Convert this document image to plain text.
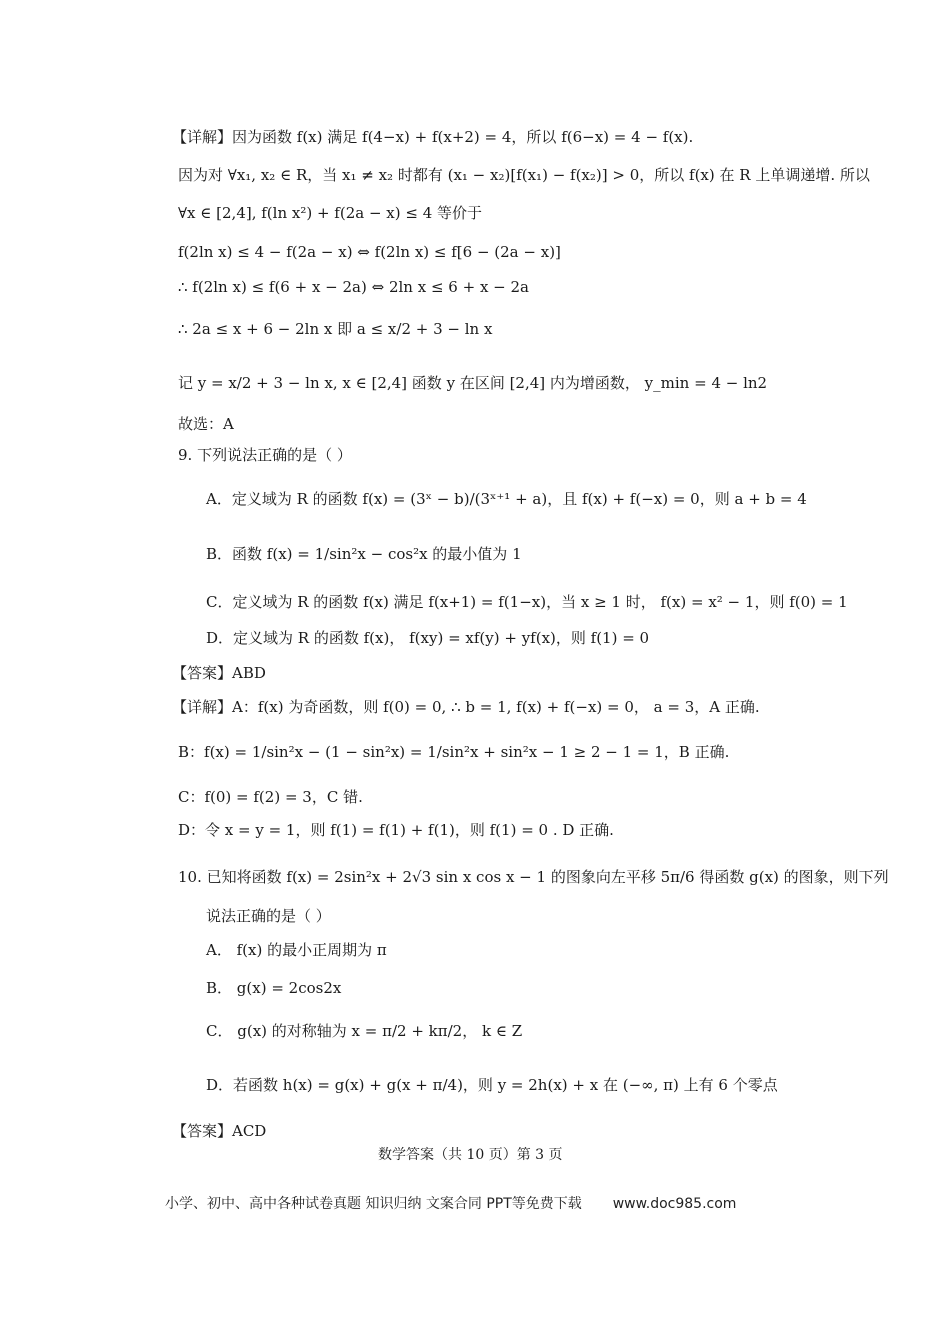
【详解】因为函数 f(x) 满足 f(4−x) + f(x+2) = 4，所以 f(6−x) = 4 − f(x).
因为对 ∀x₁, x₂ ∈ R，当 x₁ ≠ x₂ 时都有 (x₁ − x₂)[f(x₁) − f(x₂)] > 0，所以 f(x) 在 R 上单调递增. 所以
∀x ∈ [2,4], f(ln x²) + f(2a − x) ≤ 4 等价于
f(2ln x) ≤ 4 − f(2a − x) ⇔ f(2ln x) ≤ f[6 − (2a − x)]
∴ f(2ln x) ≤ f(6 + x − 2a) ⇔ 2ln x ≤ 6 + x − 2a
∴ 2a ≤ x + 6 − 2ln x 即 a ≤ x/2 + 3 − ln x
记 y = x/2 + 3 − ln x, x ∈ [2,4] 函数 y 在区间 [2,4] 内为增函数， y_min = 4 − ln2
故选：A
9. 下列说法正确的是（ ）
A．定义域为 R 的函数 f(x) = (3ˣ − b)/(3ˣ⁺¹ + a)，且 f(x) + f(−x) = 0，则 a + b = 4
B．函数 f(x) = 1/sin²x − cos²x 的最小值为 1
C．定义域为 R 的函数 f(x) 满足 f(x+1) = f(1−x)，当 x ≥ 1 时， f(x) = x² − 1，则 f(0) = 1
D．定义域为 R 的函数 f(x)， f(xy) = xf(y) + yf(x)，则 f(1) = 0
【答案】ABD
【详解】A：f(x) 为奇函数，则 f(0) = 0, ∴ b = 1, f(x) + f(−x) = 0， a = 3，A 正确.
B：f(x) = 1/sin²x − (1 − sin²x) = 1/sin²x + sin²x − 1 ≥ 2 − 1 = 1，B 正确.
C：f(0) = f(2) = 3，C 错.
D：令 x = y = 1，则 f(1) = f(1) + f(1)，则 f(1) = 0 . D 正确.
10. 已知将函数 f(x) = 2sin²x + 2√3 sin x cos x − 1 的图象向左平移 5π/6 得函数 g(x) 的图象，则下列
说法正确的是（ ）
A． f(x) 的最小正周期为 π
B． g(x) = 2cos2x
C． g(x) 的对称轴为 x = π/2 + kπ/2， k ∈ Z
D．若函数 h(x) = g(x) + g(x + π/4)，则 y = 2h(x) + x 在 (−∞, π) 上有 6 个零点
【答案】ACD
数学答案（共 10 页）第 3 页
小学、初中、高中各种试卷真题 知识归纳 文案合同 PPT等免费下载 www.doc985.com
